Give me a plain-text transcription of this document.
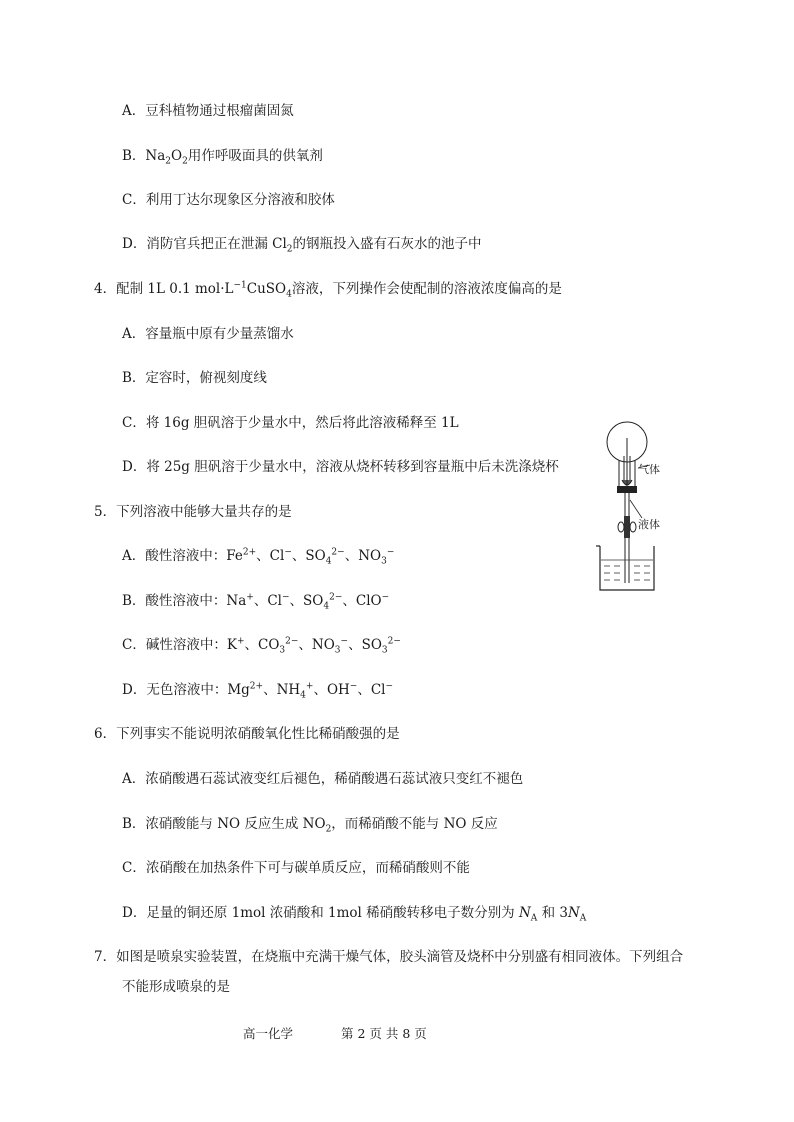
A．豆科植物通过根瘤菌固氮
B．$Na_2O_2$用作呼吸面具的供氧剂
C．利用丁达尔现象区分溶液和胶体
D．消防官兵把正在泄漏 $Cl_2$的钢瓶投入盛有石灰水的池子中
4．配制 1L 0.1 $mol\cdot L^{-1}CuSO_4$溶液，下列操作会使配制的溶液浓度偏高的是
A．容量瓶中原有少量蒸馏水
B．定容时，俯视刻度线
C．将 16g 胆矾溶于少量水中，然后将此溶液稀释至 1L
D．将 25g 胆矾溶于少量水中，溶液从烧杯转移到容量瓶中后未洗涤烧杯
5．下列溶液中能够大量共存的是
A．酸性溶液中：$Fe^{2+}$、Cl−、$SO_4^{2-}$、$NO_3^-$
B．酸性溶液中：Na+、Cl−、$SO_4^{2-}$、ClO−
C．碱性溶液中：K+、$CO_3^{2-}$、$NO_3^-$、$SO_3^{2-}$
D．无色溶液中：$Mg^{2+}$、$NH_4^+$、OH−、Cl−
6．下列事实不能说明浓硝酸氧化性比稀硝酸强的是
A．浓硝酸遇石蕊试液变红后褪色，稀硝酸遇石蕊试液只变红不褪色
B．浓硝酸能与 NO 反应生成 $NO_2$，而稀硝酸不能与 NO 反应
C．浓硝酸在加热条件下可与碳单质反应，而稀硝酸则不能
D．足量的铜还原 1mol 浓硝酸和 1mol 稀硝酸转移电子数分别为 $N_A$ 和 $3N_A$
7．如图是喷泉实验装置，在烧瓶中充满干燥气体，胶头滴管及烧杯中分别盛有相同液体。下列组合
不能形成喷泉的是
气体
液体
高一化学	第 2 页 共 8 页
